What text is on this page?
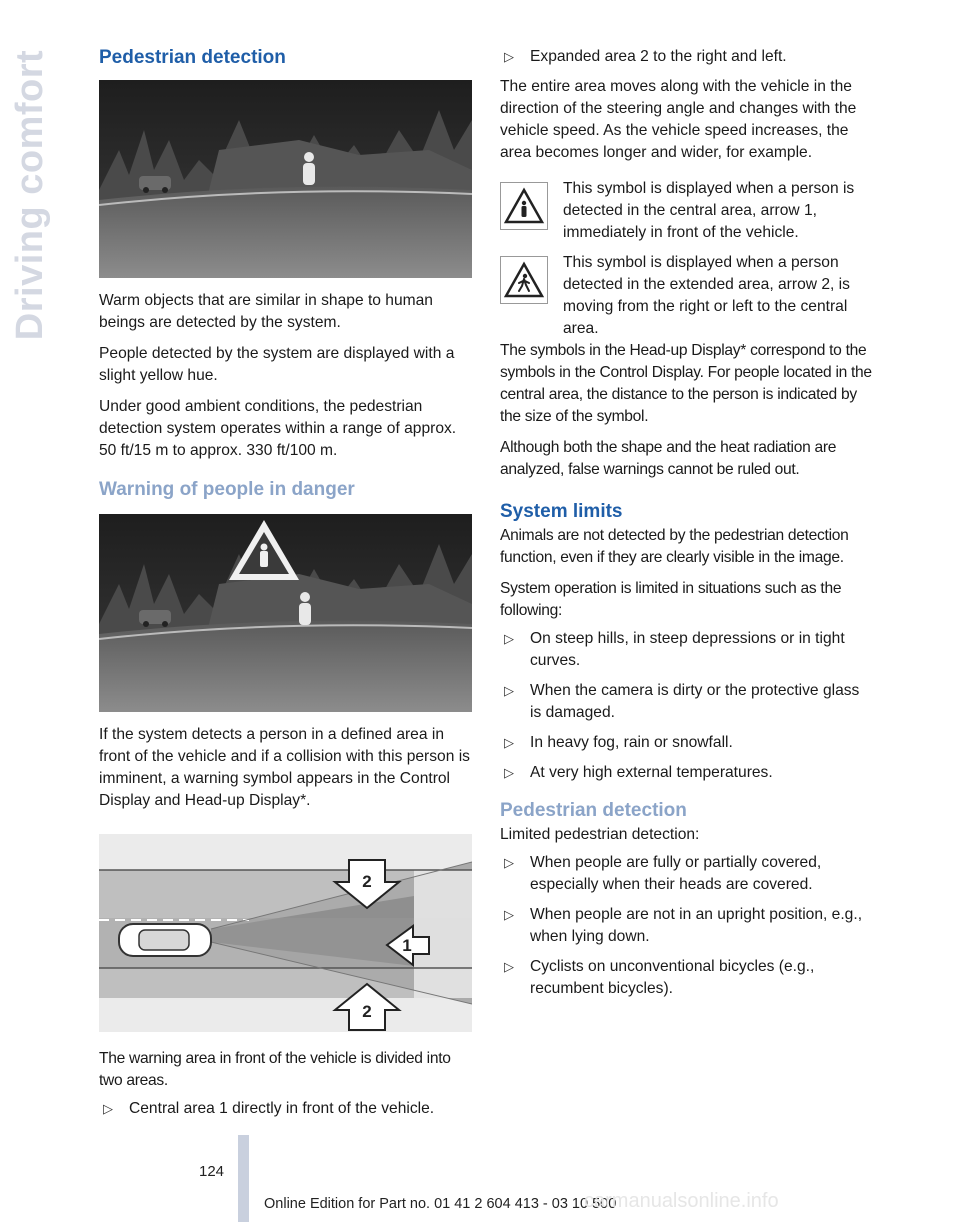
Driving comfort	Pedestrian detection

Warm objects that are similar in shape to human beings are detected by the system.

People detected by the system are displayed with a slight yellow hue.

Under good ambient conditions, the pedestrian detection system operates within a range of approx. 50 ft/15 m to approx. 330 ft/100 m.

Warning of people in danger

If the system detects a person in a defined area in front of the vehicle and if a collision with this person is imminent, a warning symbol appears in the Control Display and Head-up Display*.

2
1
2

The warning area in front of the vehicle is divided into two areas.

▷ Central area 1 directly in front of the vehicle.
▷ Expanded area 2 to the right and left.

The entire area moves along with the vehicle in the direction of the steering angle and changes with the vehicle speed. As the vehicle speed increases, the area becomes longer and wider, for example.

This symbol is displayed when a person is detected in the central area, arrow 1, immediately in front of the vehicle.
This symbol is displayed when a person detected in the extended area, arrow 2, is moving from the right or left to the central area.

The symbols in the Head-up Display* correspond to the symbols in the Control Display. For people located in the central area, the distance to the person is indicated by the size of the symbol.

Although both the shape and the heat radiation are analyzed, false warnings cannot be ruled out.

System limits

Animals are not detected by the pedestrian detection function, even if they are clearly visible in the image.

System operation is limited in situations such as the following:

▷ On steep hills, in steep depressions or in tight curves.
▷ When the camera is dirty or the protective glass is damaged.
▷ In heavy fog, rain or snowfall.
▷ At very high external temperatures.
Pedestrian detection

Limited pedestrian detection:

▷ When people are fully or partially covered, especially when their heads are covered.
▷ When people are not in an upright position, e.g., when lying down.
▷ Cyclists on unconventional bicycles (e.g., recumbent bicycles).
124
Online Edition for Part no. 01 41 2 604 413 - 03 10 500
carmanualsonline.info
